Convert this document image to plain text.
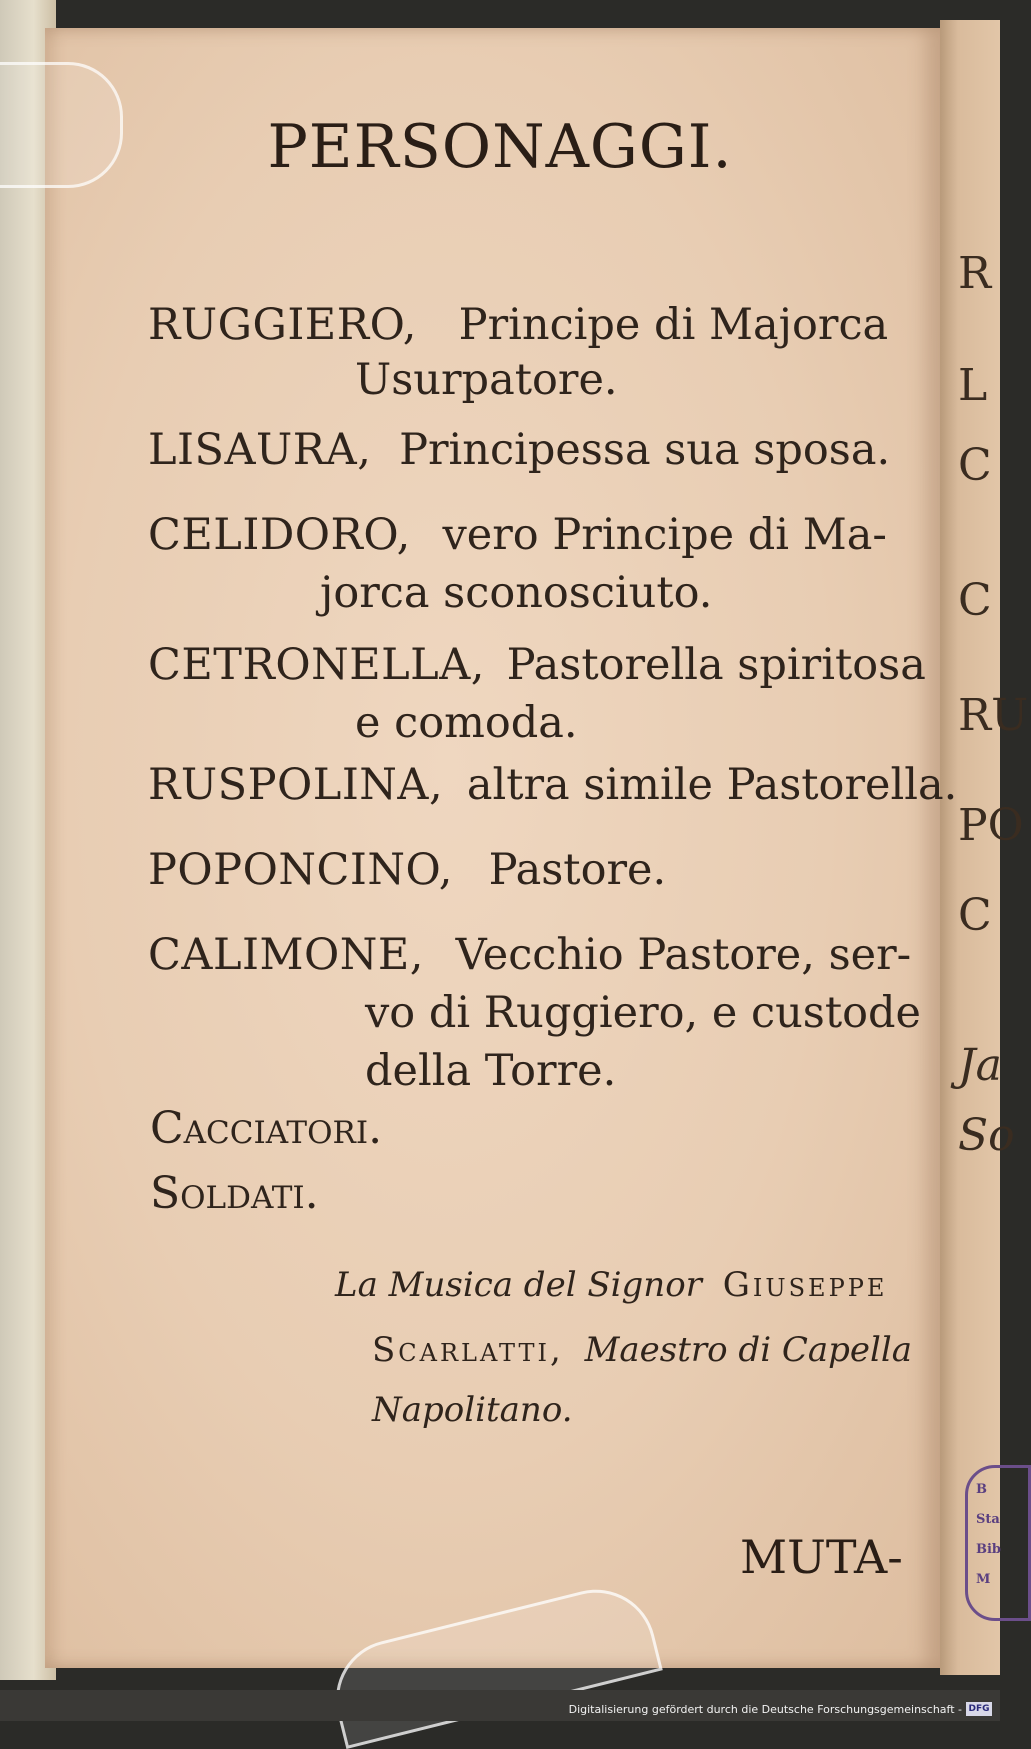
R
L
C
C
RU
PO
C
Ja
So
B
Sta
Bib
M
PERSONAGGI.
RUGGIERO, Principe di Majorca
Usurpatore.
LISAURA, Principessa sua sposa.
CELIDORO, vero Principe di Ma-
jorca sconosciuto.
CETRONELLA, Pastorella spiritosa
e comoda.
RUSPOLINA, altra simile Pastorella.
POPONCINO, Pastore.
CALIMONE, Vecchio Pastore, ser-
vo di Ruggiero, e custode
della Torre.
Cacciatori.
Soldati.
La Musica del Signor Giuseppe
Scarlatti, Maestro di Capella
Napolitano.
MUTA-
Digitalisierung gefördert durch die Deutsche Forschungsgemeinschaft - DFG
